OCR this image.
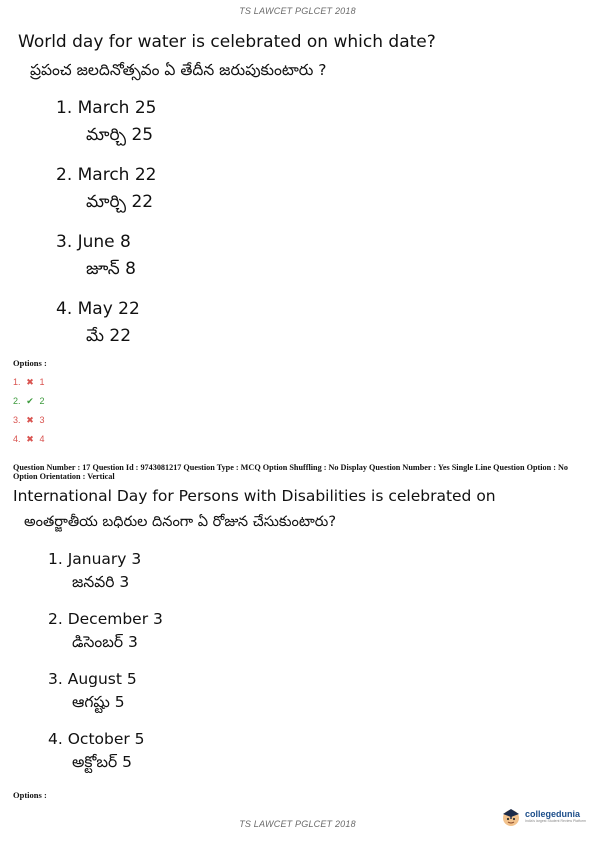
TS LAWCET PGLCET 2018
World day for water is celebrated on which date?
ప్రపంచ జలదినోత్సవం ఏ తేదీన జరుపుకుంటారు ?
1. March 25
మార్చి 25
2. March 22
మార్చి 22
3. June 8
జూన్ 8
4. May 22
మే 22
Options :
1. ✖ 1
2. ✔ 2
3. ✖ 3
4. ✖ 4
Question Number : 17 Question Id : 9743081217 Question Type : MCQ Option Shuffling : No Display Question Number : Yes Single Line Question Option : No Option Orientation : Vertical
International Day for Persons with Disabilities is celebrated on
అంతర్జాతీయ బధిరుల దినంగా ఏ రోజున చేసుకుంటారు?
1. January 3
జనవరి 3
2. December 3
డిసెంబర్ 3
3. August 5
ఆగష్టు 5
4. October 5
అక్టోబర్ 5
Options :
TS LAWCET PGLCET 2018
collegedunia
India's largest Student Review Platform
